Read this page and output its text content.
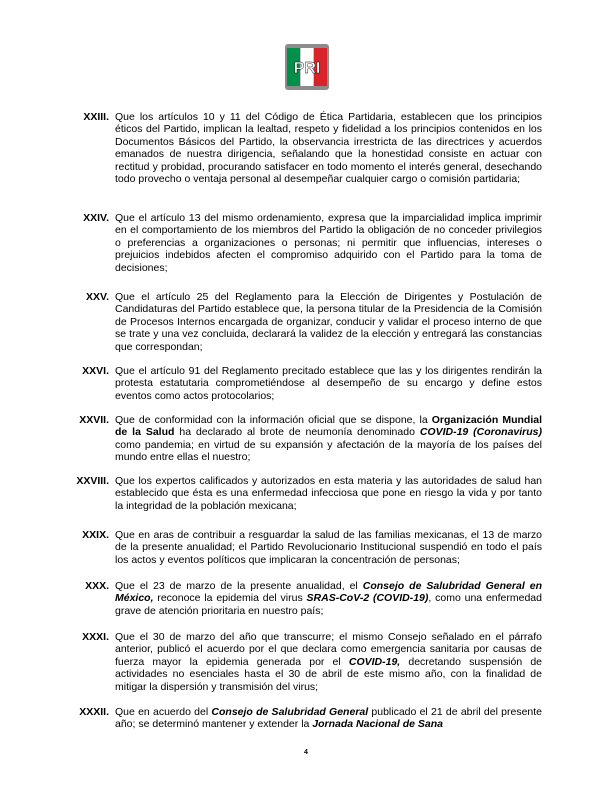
PRI
XXIII. Que los artículos 10 y 11 del Código de Ética Partidaria, establecen que los principios éticos del Partido, implican la lealtad, respeto y fidelidad a los principios contenidos en los Documentos Básicos del Partido, la observancia irrestricta de las directrices y acuerdos emanados de nuestra dirigencia, señalando que la honestidad consiste en actuar con rectitud y probidad, procurando satisfacer en todo momento el interés general, desechando todo provecho o ventaja personal al desempeñar cualquier cargo o comisión partidaria;

XXIV. Que el artículo 13 del mismo ordenamiento, expresa que la imparcialidad implica imprimir en el comportamiento de los miembros del Partido la obligación de no conceder privilegios o preferencias a organizaciones o personas; ni permitir que influencias, intereses o prejuicios indebidos afecten el compromiso adquirido con el Partido para la toma de decisiones;

XXV. Que el artículo 25 del Reglamento para la Elección de Dirigentes y Postulación de Candidaturas del Partido establece que, la persona titular de la Presidencia de la Comisión de Procesos Internos encargada de organizar, conducir y validar el proceso interno de que se trate y una vez concluida, declarará la validez de la elección y entregará las constancias que correspondan;

XXVI. Que el artículo 91 del Reglamento precitado establece que las y los dirigentes rendirán la protesta estatutaria comprometiéndose al desempeño de su encargo y define estos eventos como actos protocolarios;

XXVII. Que de conformidad con la información oficial que se dispone, la Organización Mundial de la Salud ha declarado al brote de neumonía denominado COVID-19 (Coronavirus) como pandemia; en virtud de su expansión y afectación de la mayoría de los países del mundo entre ellas el nuestro;

XXVIII. Que los expertos calificados y autorizados en esta materia y las autoridades de salud han establecido que ésta es una enfermedad infecciosa que pone en riesgo la vida y por tanto la integridad de la población mexicana;

XXIX. Que en aras de contribuir a resguardar la salud de las familias mexicanas, el 13 de marzo de la presente anualidad; el Partido Revolucionario Institucional suspendió en todo el país los actos y eventos políticos que implicaran la concentración de personas;

XXX. Que el 23 de marzo de la presente anualidad, el Consejo de Salubridad General en México, reconoce la epidemia del virus SRAS-CoV-2 (COVID-19), como una enfermedad grave de atención prioritaria en nuestro país;

XXXI. Que el 30 de marzo del año que transcurre; el mismo Consejo señalado en el párrafo anterior, publicó el acuerdo por el que declara como emergencia sanitaria por causas de fuerza mayor la epidemia generada por el COVID-19, decretando suspensión de actividades no esenciales hasta el 30 de abril de este mismo año, con la finalidad de mitigar la dispersión y transmisión del virus;

XXXII. Que en acuerdo del Consejo de Salubridad General publicado el 21 de abril del presente año; se determinó mantener y extender la Jornada Nacional de Sana

4
